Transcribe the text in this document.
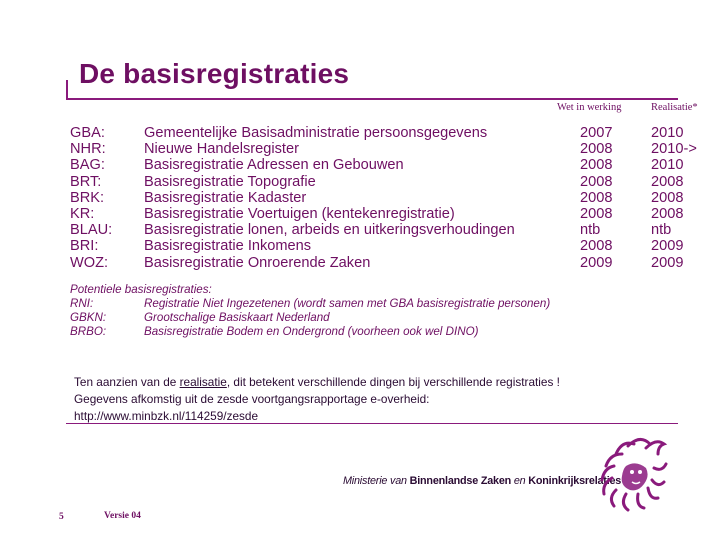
De basisregistraties
Wet in werking	Realisatie*
GBA:	Gemeentelijke Basisadministratie persoonsgegevens	2007	2010
NHR:	Nieuwe Handelsregister	2008	2010->
BAG:	Basisregistratie Adressen en Gebouwen	2008	2010
BRT:	Basisregistratie Topografie	2008	2008
BRK:	Basisregistratie Kadaster	2008	2008
KR:	Basisregistratie Voertuigen (kentekenregistratie)	2008	2008
BLAU: Basisregistratie lonen, arbeids en uitkeringsverhoudingen	ntb	ntb
BRI:	Basisregistratie Inkomens	2008	2009
WOZ: Basisregistratie Onroerende Zaken	2009	2009
Potentiele basisregistraties:
RNI:	Registratie Niet Ingezetenen (wordt samen met GBA basisregistratie personen)
GBKN:	Grootschalige Basiskaart Nederland
BRBO:	Basisregistratie Bodem en Ondergrond (voorheen ook wel DINO)
Ten aanzien van de realisatie, dit betekent verschillende dingen bij verschillende registraties !
Gegevens afkomstig uit de zesde voortgangsrapportage e-overheid:
http://www.minbzk.nl/114259/zesde
Ministerie van Binnenlandse Zaken en Koninkrijksrelaties
5	Versie 04
